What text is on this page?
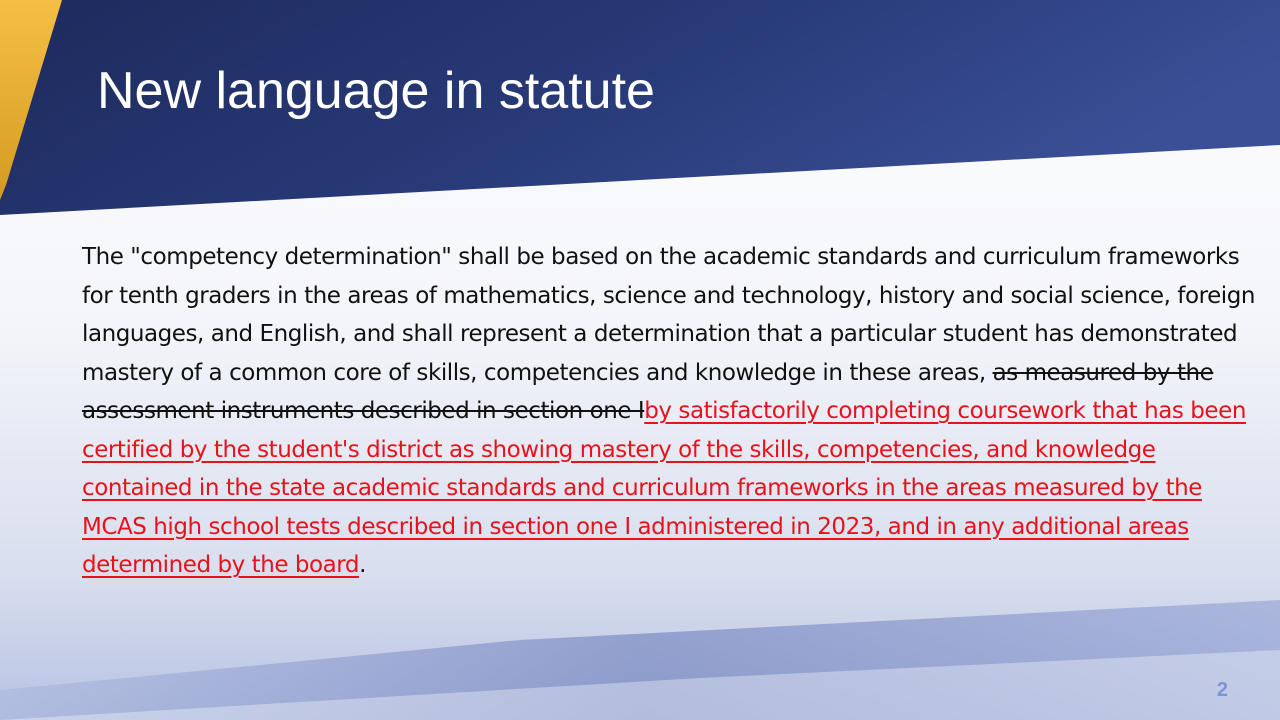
New language in statute

The "competency determination" shall be based on the academic standards and curriculum frameworks for tenth graders in the areas of mathematics, science and technology, history and social science, foreign languages, and English, and shall represent a determination that a particular student has demonstrated mastery of a common core of skills, competencies and knowledge in these areas, as measured by the assessment instruments described in section one Iby satisfactorily completing coursework that has been certified by the student's district as showing mastery of the skills, competencies, and knowledge contained in the state academic standards and curriculum frameworks in the areas measured by the MCAS high school tests described in section one I administered in 2023, and in any additional areas determined by the board.

2
